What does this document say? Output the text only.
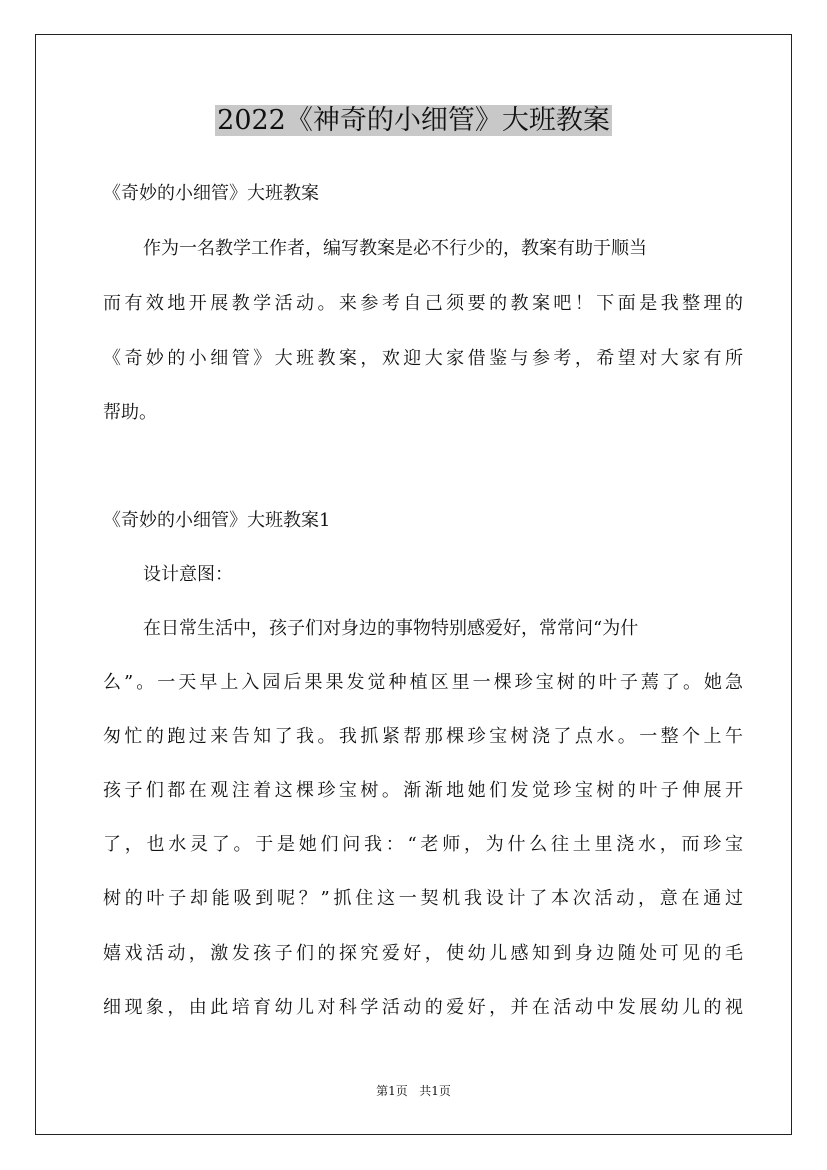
2022《神奇的小细管》大班教案
《奇妙的小细管》大班教案
作为一名教学工作者，编写教案是必不行少的，教案有助于顺当
而有效地开展教学活动。来参考自己须要的教案吧！下面是我整理的
《奇妙的小细管》大班教案，欢迎大家借鉴与参考，希望对大家有所
帮助。
《奇妙的小细管》大班教案1
设计意图：
在日常生活中，孩子们对身边的事物特别感爱好，常常问“为什
么”。一天早上入园后果果发觉种植区里一棵珍宝树的叶子蔫了。她急
匆忙的跑过来告知了我。我抓紧帮那棵珍宝树浇了点水。一整个上午
孩子们都在观注着这棵珍宝树。渐渐地她们发觉珍宝树的叶子伸展开
了，也水灵了。于是她们问我：“老师，为什么往土里浇水，而珍宝
树的叶子却能吸到呢？”抓住这一契机我设计了本次活动，意在通过
嬉戏活动，激发孩子们的探究爱好，使幼儿感知到身边随处可见的毛
细现象，由此培育幼儿对科学活动的爱好，并在活动中发展幼儿的视
第1页   共1页
